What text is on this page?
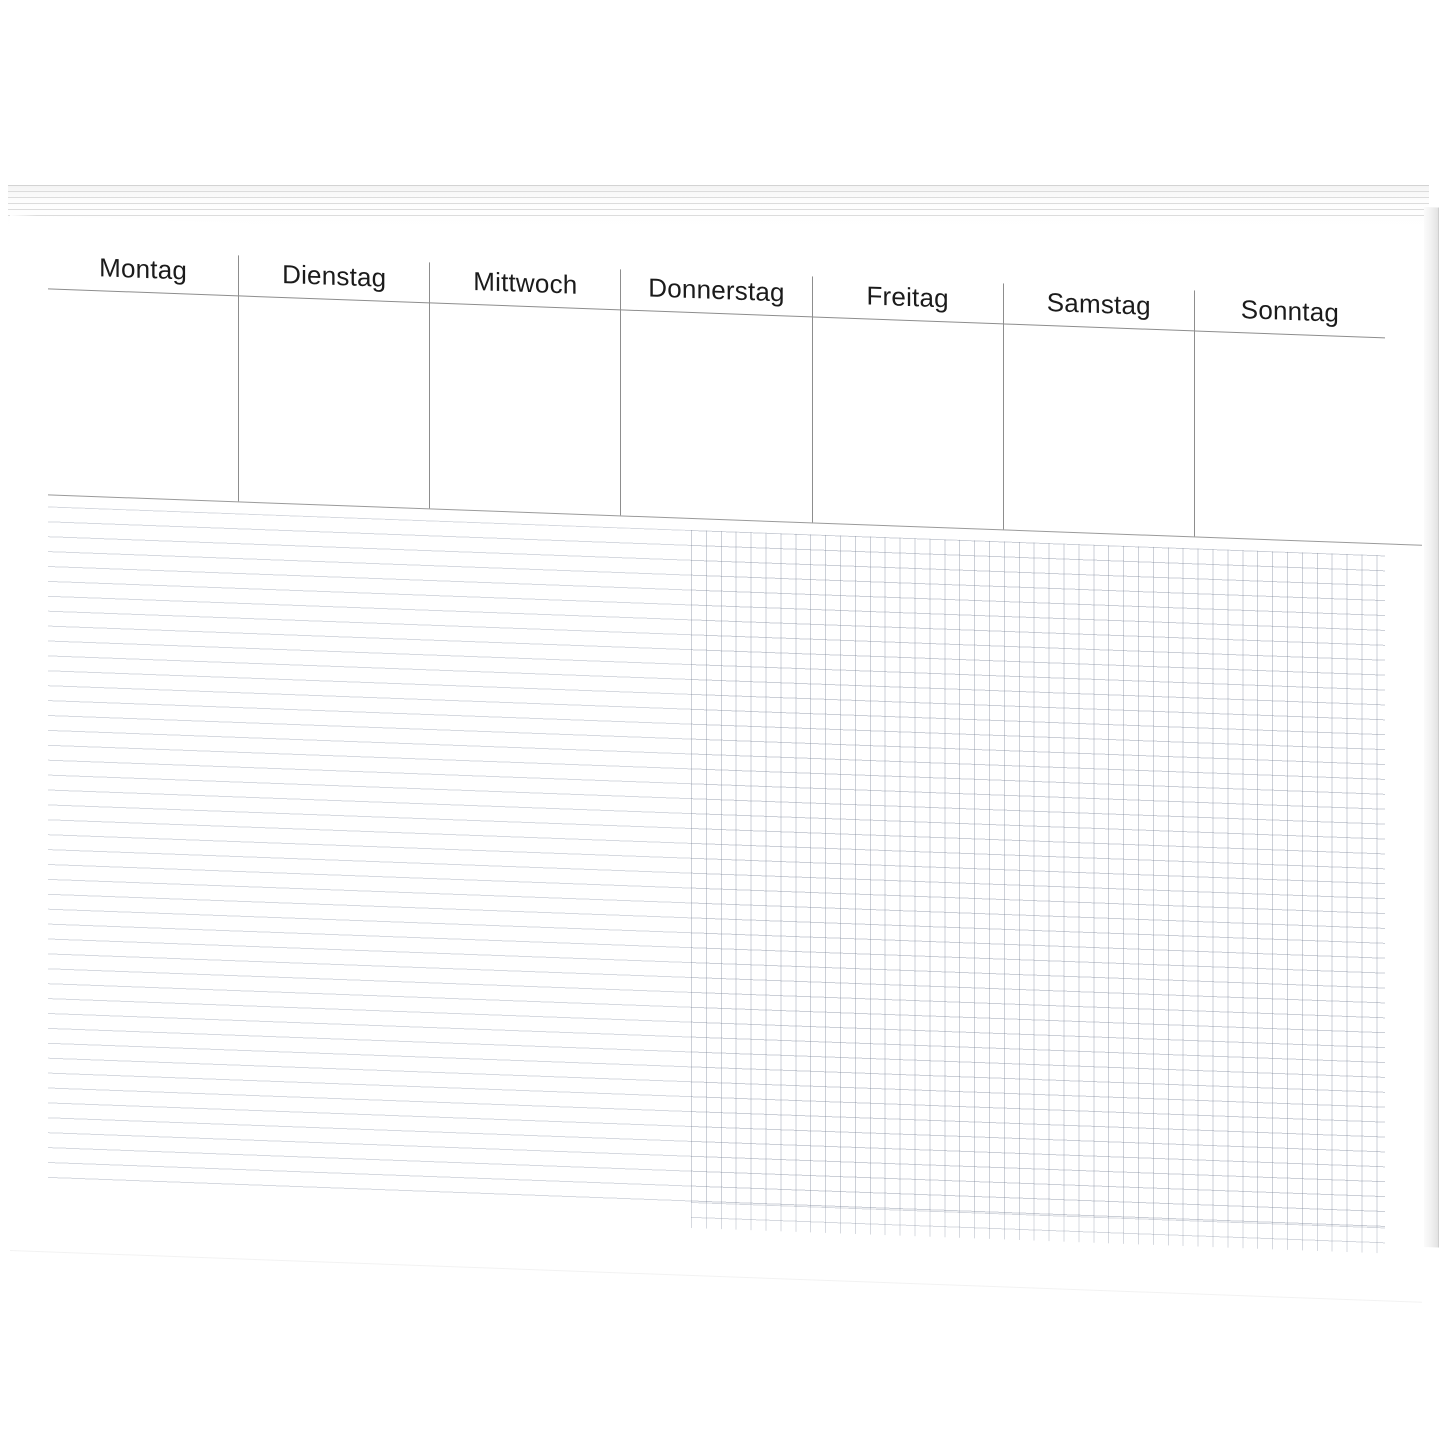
Montag	Dienstag	Mittwoch	Donnerstag	Freitag	Samstag	Sonntag
